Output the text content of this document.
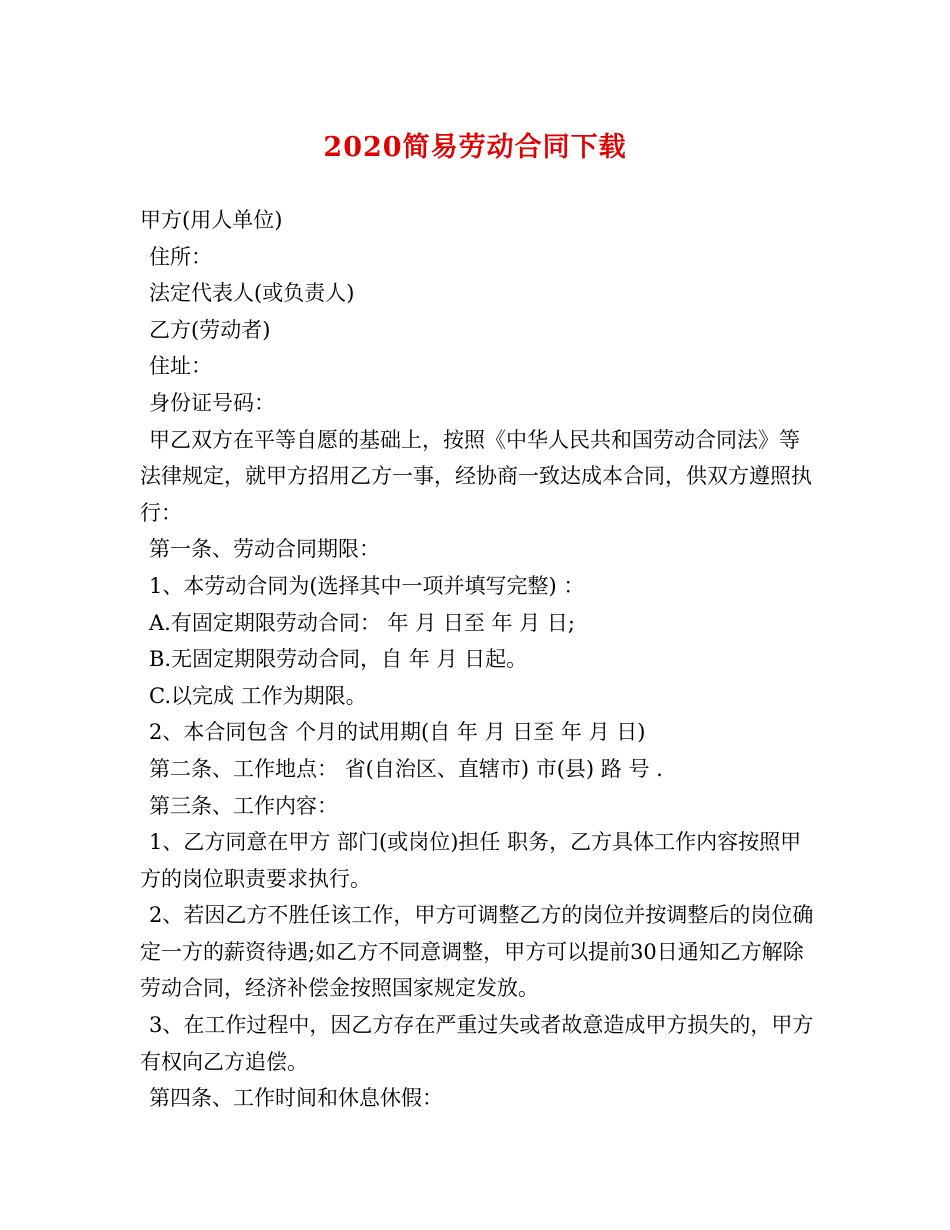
2020简易劳动合同下载

甲方(用人单位)

住所：

法定代表人(或负责人)

乙方(劳动者)

住址：

身份证号码：

甲乙双方在平等自愿的基础上，按照《中华人民共和国劳动合同法》等法律规定，就甲方招用乙方一事，经协商一致达成本合同，供双方遵照执行：

第一条、劳动合同期限：

1、本劳动合同为(选择其中一项并填写完整) ：

A.有固定期限劳动合同： 年 月 日至 年 月 日;

B.无固定期限劳动合同，自 年 月 日起。

C.以完成 工作为期限。

2、本合同包含 个月的试用期(自 年 月 日至 年 月 日)

第二条、工作地点： 省(自治区、直辖市) 市(县) 路 号 .

第三条、工作内容：

1、乙方同意在甲方 部门(或岗位)担任 职务，乙方具体工作内容按照甲方的岗位职责要求执行。

2、若因乙方不胜任该工作，甲方可调整乙方的岗位并按调整后的岗位确定一方的薪资待遇;如乙方不同意调整，甲方可以提前30日通知乙方解除劳动合同，经济补偿金按照国家规定发放。

3、在工作过程中，因乙方存在严重过失或者故意造成甲方损失的，甲方有权向乙方追偿。

第四条、工作时间和休息休假：
